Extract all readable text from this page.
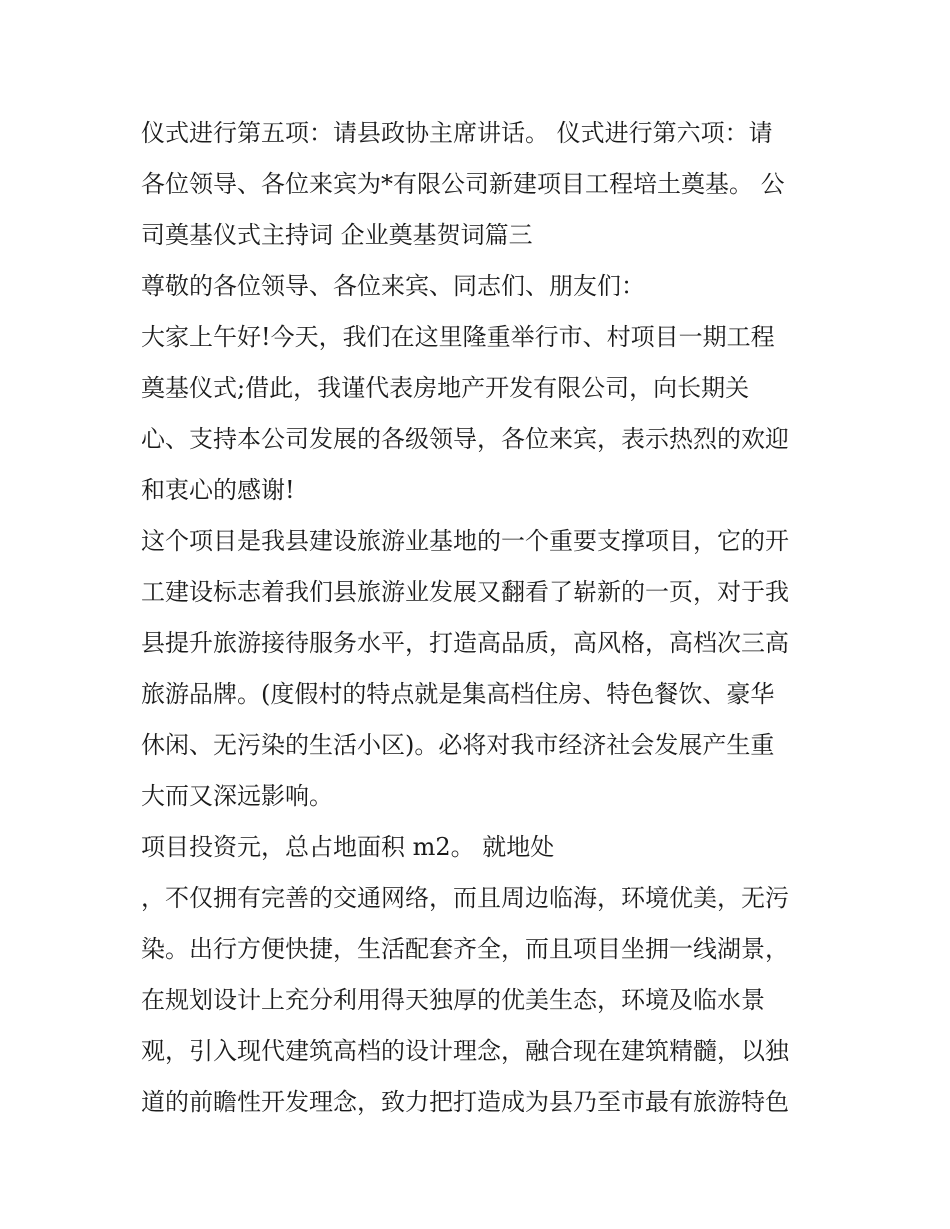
仪式进行第五项：请县政协主席讲话。 仪式进行第六项：请
各位领导、各位来宾为*有限公司新建项目工程培土奠基。 公
司奠基仪式主持词 企业奠基贺词篇三
尊敬的各位领导、各位来宾、同志们、朋友们：
大家上午好!今天，我们在这里隆重举行市、村项目一期工程
奠基仪式;借此，我谨代表房地产开发有限公司，向长期关
心、支持本公司发展的各级领导，各位来宾，表示热烈的欢迎
和衷心的感谢!
这个项目是我县建设旅游业基地的一个重要支撑项目，它的开
工建设标志着我们县旅游业发展又翻看了崭新的一页，对于我
县提升旅游接待服务水平，打造高品质，高风格，高档次三高
旅游品牌。(度假村的特点就是集高档住房、特色餐饮、豪华
休闲、无污染的生活小区)。必将对我市经济社会发展产生重
大而又深远影响。
项目投资元，总占地面积 m2。 就地处
，不仅拥有完善的交通网络，而且周边临海，环境优美，无污
染。出行方便快捷，生活配套齐全，而且项目坐拥一线湖景，
在规划设计上充分利用得天独厚的优美生态，环境及临水景
观，引入现代建筑高档的设计理念，融合现在建筑精髓，以独
道的前瞻性开发理念，致力把打造成为县乃至市最有旅游特色
